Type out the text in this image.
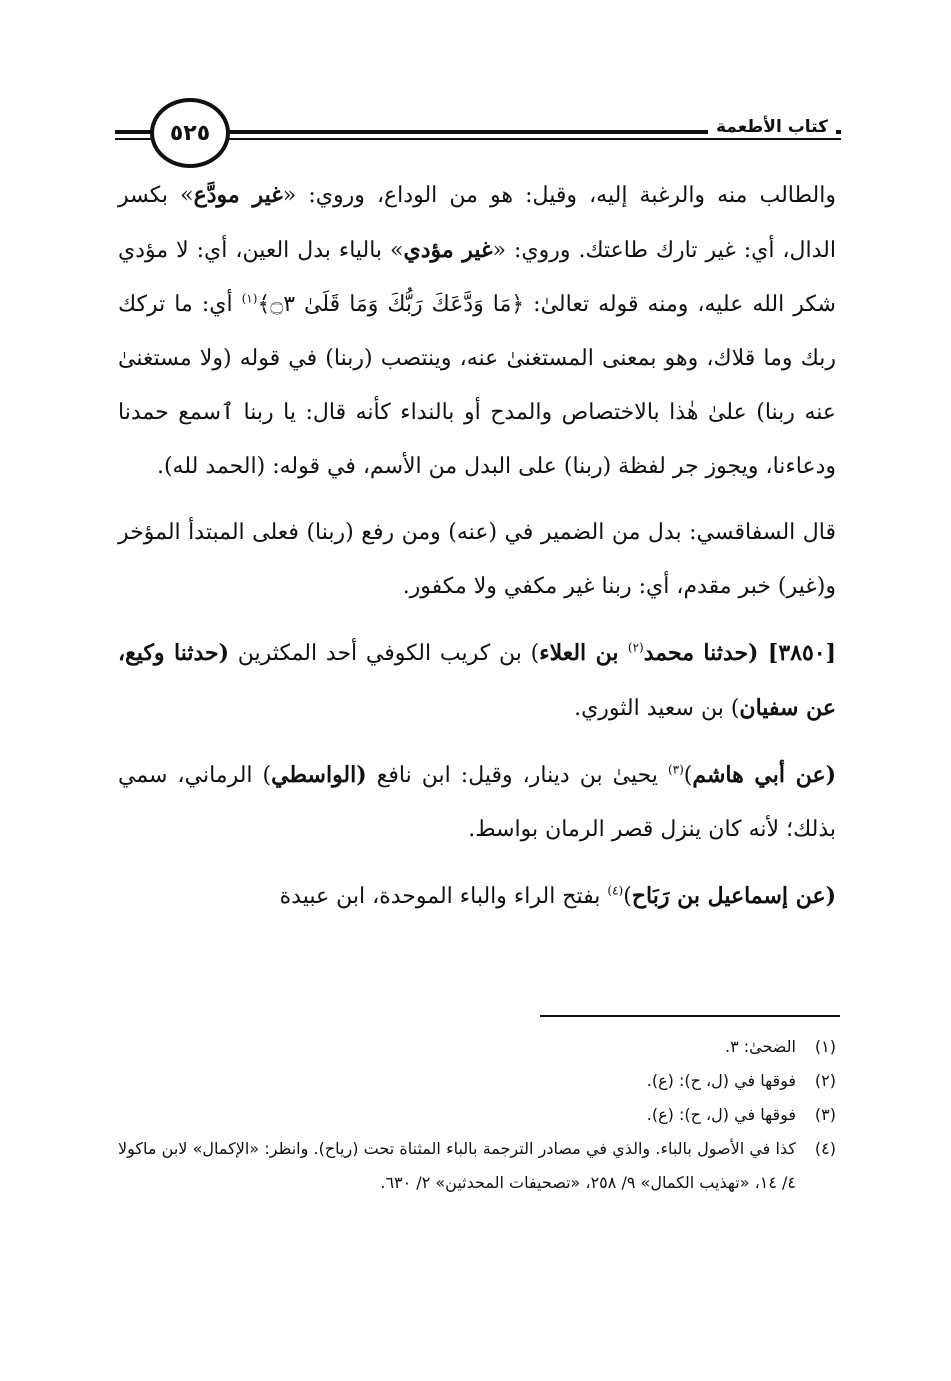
٥٢٥	كتاب الأطعمة

والطالب منه والرغبة إليه، وقيل: هو من الوداع، وروي: «غير مودَّع» بكسر الدال، أي: غير تارك طاعتك. وروي: «غير مؤدي» بالياء بدل العين، أي: لا مؤدي شكر الله عليه، ومنه قوله تعالىٰ: ﴿مَا وَدَّعَكَ رَبُّكَ وَمَا قَلَىٰ ۝٣﴾$^{(١)}$ أي: ما تركك ربك وما قلاك، وهو بمعنى المستغنىٰ عنه، وينتصب (ربنا) في قوله (ولا مستغنىٰ عنه ربنا) علىٰ هٰذا بالاختصاص والمدح أو بالنداء كأنه قال: يا ربنا ٱسمع حمدنا ودعاءنا، ويجوز جر لفظة (ربنا) على البدل من الأسم، في قوله: (الحمد لله).

قال السفاقسي: بدل من الضمير في (عنه) ومن رفع (ربنا) فعلى المبتدأ المؤخر و(غير) خبر مقدم، أي: ربنا غير مكفي ولا مكفور.

[٣٨٥٠] (حدثنا محمد$^{(٢)}$ بن العلاء) بن كريب الكوفي أحد المكثرين (حدثنا وكيع، عن سفيان) بن سعيد الثوري.

(عن أبي هاشم)$^{(٣)}$ يحيىٰ بن دينار، وقيل: ابن نافع (الواسطي) الرماني، سمي بذلك؛ لأنه كان ينزل قصر الرمان بواسط.

(عن إسماعيل بن رَبَاح)$^{(٤)}$ بفتح الراء والباء الموحدة، ابن عبيدة

(١)
الضحىٰ: ٣.
(٢)
فوقها في (ل، ح): (ع).
(٣)
فوقها في (ل، ح): (ع).
(٤)
كذا في الأصول بالباء. والذي في مصادر الترجمة بالباء المثناة تحت (رياح). وانظر: «الإكمال» لابن ماكولا ٤/ ١٤، «تهذيب الكمال» ٩/ ٢٥٨، «تصحيفات المحدثين» ٢/ ٦٣٠.
